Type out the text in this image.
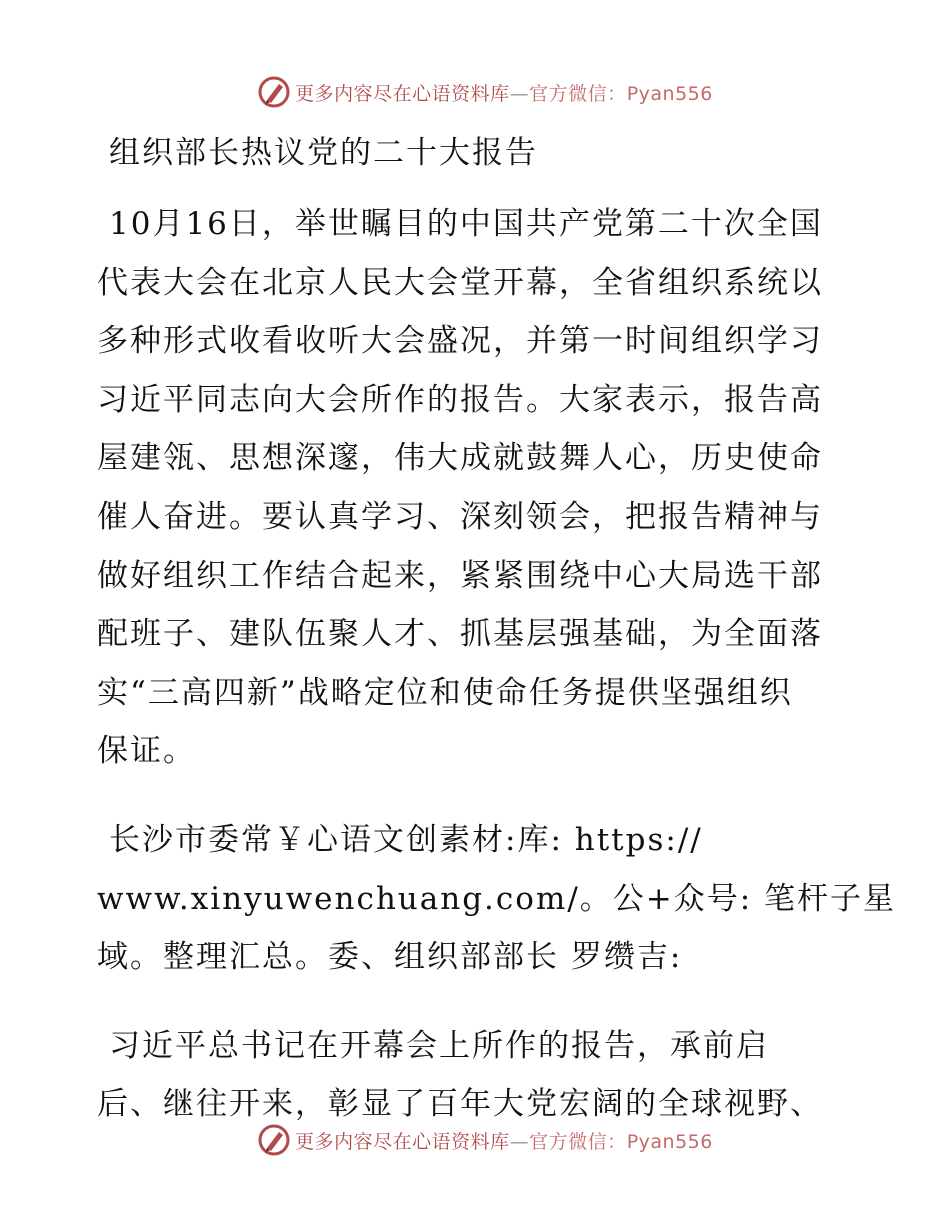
更多内容尽在心语资料库—官方微信：Pyan556
组织部长热议党的二十大报告

10月16日，举世瞩目的中国共产党第二十次全国
代表大会在北京人民大会堂开幕，全省组织系统以
多种形式收看收听大会盛况，并第一时间组织学习
习近平同志向大会所作的报告。大家表示，报告高
屋建瓴、思想深邃，伟大成就鼓舞人心，历史使命
催人奋进。要认真学习、深刻领会，把报告精神与
做好组织工作结合起来，紧紧围绕中心大局选干部
配班子、建队伍聚人才、抓基层强基础，为全面落
实“三高四新”战略定位和使命任务提供坚强组织
保证。

长沙市委常￥心语文创素材:库: https://
www.xinyuwenchuang.com/。公+众号: 笔杆子星
域。整理汇总。委、组织部部长 罗缵吉:

习近平总书记在开幕会上所作的报告，承前启
后、继往开来，彰显了百年大党宏阔的全球视野、

更多内容尽在心语资料库—官方微信：Pyan556
